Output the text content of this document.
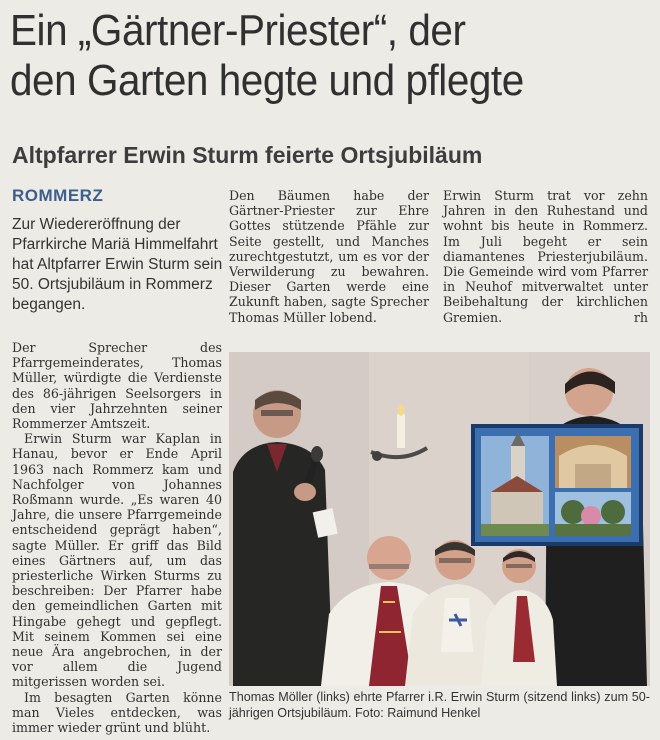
Ein „Gärtner-Priester“, der
den Garten hegte und pflegte
Altpfarrer Erwin Sturm feierte Ortsjubiläum
ROMMERZ
Zur Wiedereröffnung der Pfarrkirche Mariä Himmelfahrt hat Altpfarrer Erwin Sturm sein 50. Ortsjubiläum in Rommerz begangen.

Den Bäumen habe der Gärtner-Priester zur Ehre Gottes stützende Pfähle zur Seite gestellt, und Manches zurechtgestutzt, um es vor der Verwilderung zu bewahren. Dieser Garten werde eine Zukunft haben, sagte Sprecher Thomas Müller lobend.

Erwin Sturm trat vor zehn Jahren in den Ruhestand und wohnt bis heute in Rommerz. Im Juli begeht er sein diamantenes Priesterjubiläum. Die Gemeinde wird vom Pfarrer in Neuhof mitverwaltet unter Beibehaltung der kirchlichen Gremien.	rh

Der Sprecher des Pfarrgemeinderates, Thomas Müller, würdigte die Verdienste des 86-jährigen Seelsorgers in den vier Jahrzehnten seiner Rommerzer Amtszeit.

Erwin Sturm war Kaplan in Hanau, bevor er Ende April 1963 nach Rommerz kam und Nachfolger von Johannes Roßmann wurde. „Es waren 40 Jahre, die unsere Pfarrgemeinde entscheidend geprägt haben“, sagte Müller. Er griff das Bild eines Gärtners auf, um das priesterliche Wirken Sturms zu beschreiben: Der Pfarrer habe den gemeindlichen Garten mit Hingabe gehegt und gepflegt. Mit seinem Kommen sei eine neue Ära angebrochen, in der vor allem die Jugend mitgerissen worden sei.

Im besagten Garten könne man Vieles entdecken, was immer wieder grünt und blüht.

Thomas Möller (links) ehrte Pfarrer i.R. Erwin Sturm (sitzend links) zum 50-jährigen Ortsjubiläum. Foto: Raimund Henkel
